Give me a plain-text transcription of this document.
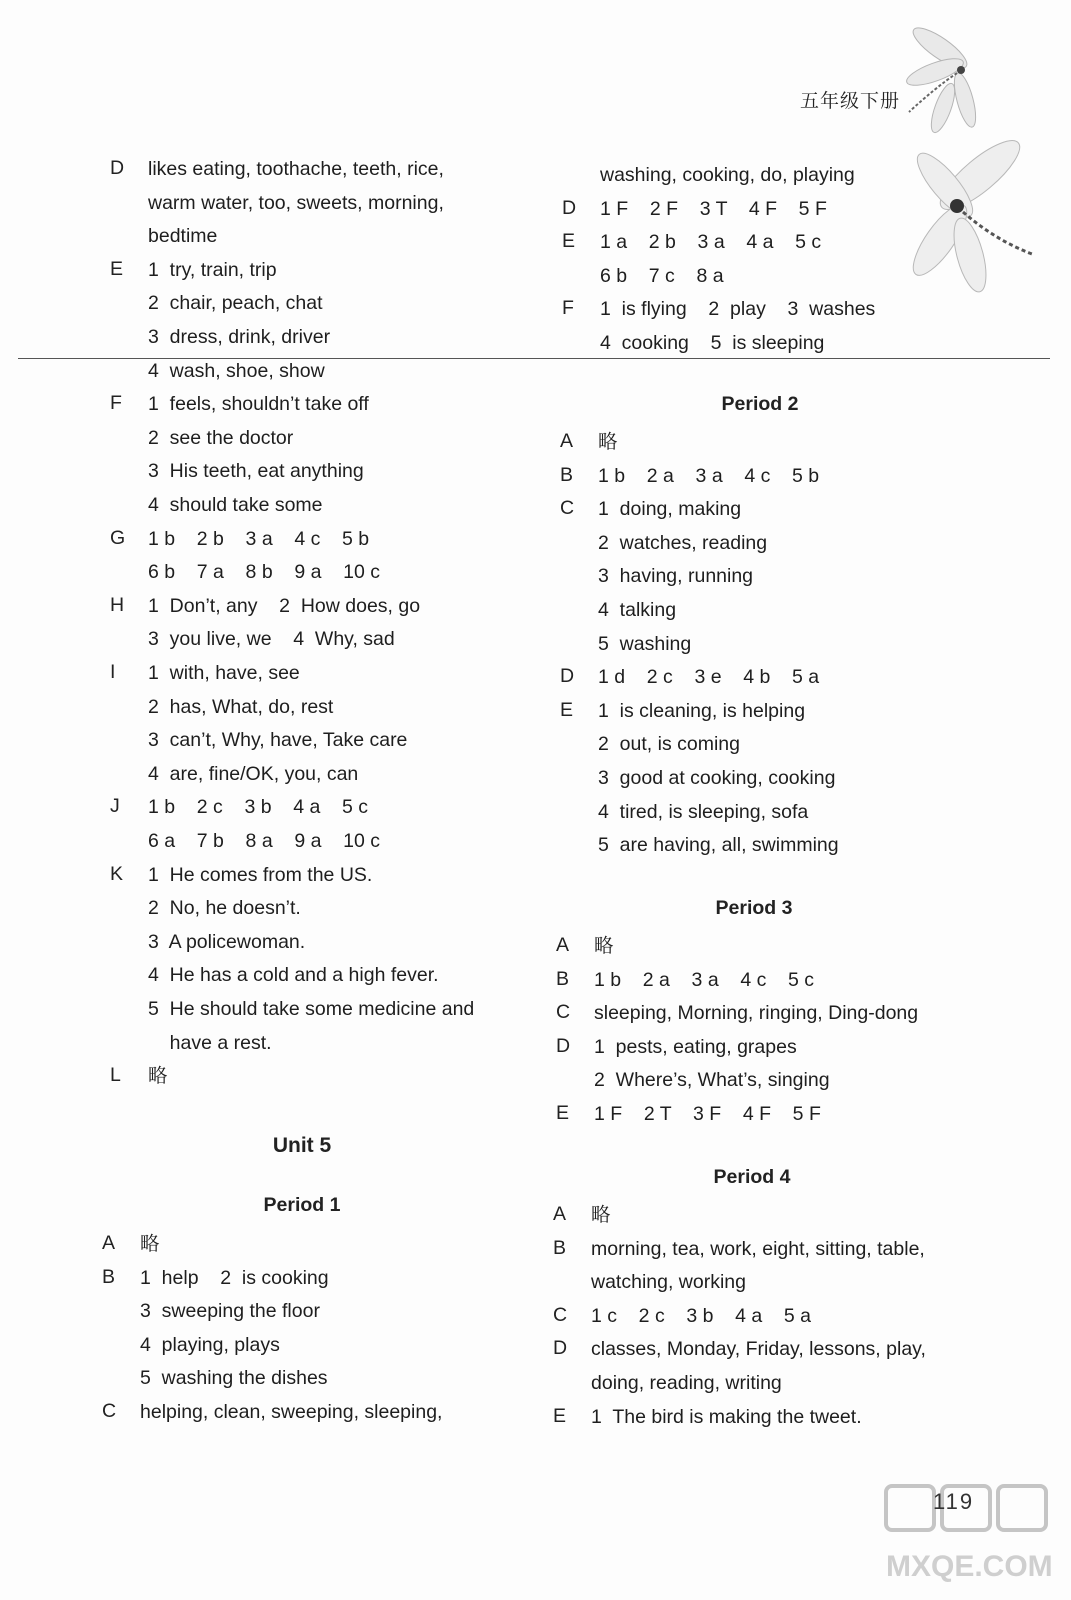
五年级下册
D likes eating, toothache, teeth, rice,
warm water, too, sweets, morning,
bedtime
E 1  try, train, trip
2  chair, peach, chat
3  dress, drink, driver
4  wash, shoe, show
F 1  feels, shouldn’t take off
2  see the doctor
3  His teeth, eat anything
4  should take some
G 1 b    2 b    3 a    4 c    5 b
6 b    7 a    8 b    9 a    10 c
H 1  Don’t, any    2  How does, go
3  you live, we    4  Why, sad
I 1  with, have, see
2  has, What, do, rest
3  can’t, Why, have, Take care
4  are, fine/OK, you, can
J 1 b    2 c    3 b    4 a    5 c
6 a    7 b    8 a    9 a    10 c
K 1  He comes from the US.
2  No, he doesn’t.
3  A policewoman.
4  He has a cold and a high fever.
5  He should take some medicine and
have a rest.
L 略
Unit 5
Period 1
A 略
B 1  help    2  is cooking
3  sweeping the floor
4  playing, plays
5  washing the dishes
C helping, clean, sweeping, sleeping,
washing, cooking, do, playing
D 1 F    2 F    3 T    4 F    5 F
E 1 a    2 b    3 a    4 a    5 c
6 b    7 c    8 a
F 1  is flying    2  play    3  washes
4  cooking    5  is sleeping
Period 2
A 略
B 1 b    2 a    3 a    4 c    5 b
C 1  doing, making
2  watches, reading
3  having, running
4  talking
5  washing
D 1 d    2 c    3 e    4 b    5 a
E 1  is cleaning, is helping
2  out, is coming
3  good at cooking, cooking
4  tired, is sleeping, sofa
5  are having, all, swimming
Period 3
A 略
B 1 b    2 a    3 a    4 c    5 c
C sleeping, Morning, ringing, Ding-dong
D 1  pests, eating, grapes
2  Where’s, What’s, singing
E 1 F    2 T    3 F    4 F    5 F
Period 4
A 略
B morning, tea, work, eight, sitting, table,
watching, working
C 1 c    2 c    3 b    4 a    5 a
D classes, Monday, Friday, lessons, play,
doing, reading, writing
E 1  The bird is making the tweet.
MXQE.COM
119
